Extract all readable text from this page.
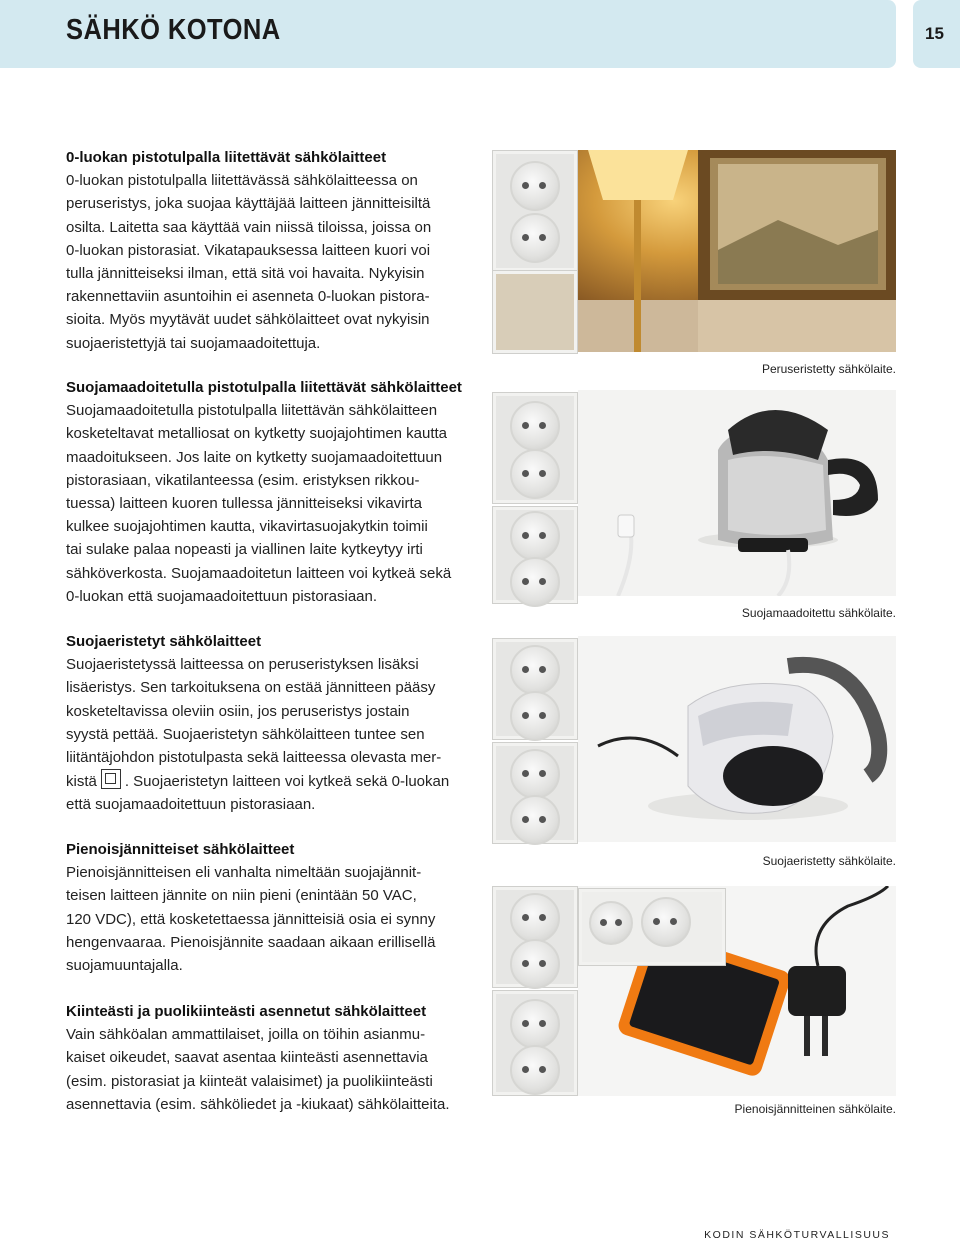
SÄHKÖ KOTONA	15
0-luokan pistotulpalla liitettävät sähkölaitteet
0-luokan pistotulpalla liitettävässä sähkölaitteessa on
peruseristys, joka suojaa käyttäjää laitteen jännitteisiltä
osilta. Laitetta saa käyttää vain niissä tiloissa, joissa on
0-luokan pistorasiat. Vikatapauksessa laitteen kuori voi
tulla jännitteiseksi ilman, että sitä voi havaita. Nykyisin
rakennettaviin asuntoihin ei asenneta 0-luokan pistora-
sioita. Myös myytävät uudet sähkölaitteet ovat nykyisin
suojaeristettyjä tai suojamaadoitettuja.
Suojamaadoitetulla pistotulpalla liitettävät sähkölaitteet
Suojamaadoitetulla pistotulpalla liitettävän sähkölaitteen
kosketeltavat metalliosat on kytketty suojajohtimen kautta
maadoitukseen. Jos laite on kytketty suojamaadoitettuun
pistorasiaan, vikatilanteessa (esim. eristyksen rikkou-
tuessa) laitteen kuoren tullessa jännitteiseksi vikavirta
kulkee suojajohtimen kautta, vikavirtasuojakytkin toimii
tai sulake palaa nopeasti ja viallinen laite kytkeytyy irti
sähköverkosta. Suojamaadoitetun laitteen voi kytkeä sekä
0-luokan että suojamaadoitettuun pistorasiaan.
Suojaeristetyt sähkölaitteet
Suojaeristetyssä laitteessa on peruseristyksen lisäksi
lisäeristys. Sen tarkoituksena on estää jännitteen pääsy
kosketeltavissa oleviin osiin, jos peruseristys jostain
syystä pettää. Suojaeristetyn sähkölaitteen tuntee sen
liitäntäjohdon pistotulpasta sekä laitteessa olevasta mer-
kistä . Suojaeristetyn laitteen voi kytkeä sekä 0-luokan
että suojamaadoitettuun pistorasiaan.
Pienoisjännitteiset sähkölaitteet
Pienoisjännitteisen eli vanhalta nimeltään suojajännit-
teisen laitteen jännite on niin pieni (enintään 50 VAC,
120 VDC), että kosketettaessa jännitteisiä osia ei synny
hengenvaaraa. Pienoisjännite saadaan aikaan erillisellä
suojamuuntajalla.
Kiinteästi ja puolikiinteästi asennetut sähkölaitteet
Vain sähköalan ammattilaiset, joilla on töihin asianmu-
kaiset oikeudet, saavat asentaa kiinteästi asennettavia
(esim. pistorasiat ja kiinteät valaisimet) ja puolikiinteästi
asennettavia (esim. sähköliedet ja -kiukaat) sähkölaitteita.
Peruseristetty sähkölaite.
Suojamaadoitettu sähkölaite.
Suojaeristetty sähkölaite.
Pienoisjännitteinen sähkölaite.
KODIN SÄHKÖTURVALLISUUS
